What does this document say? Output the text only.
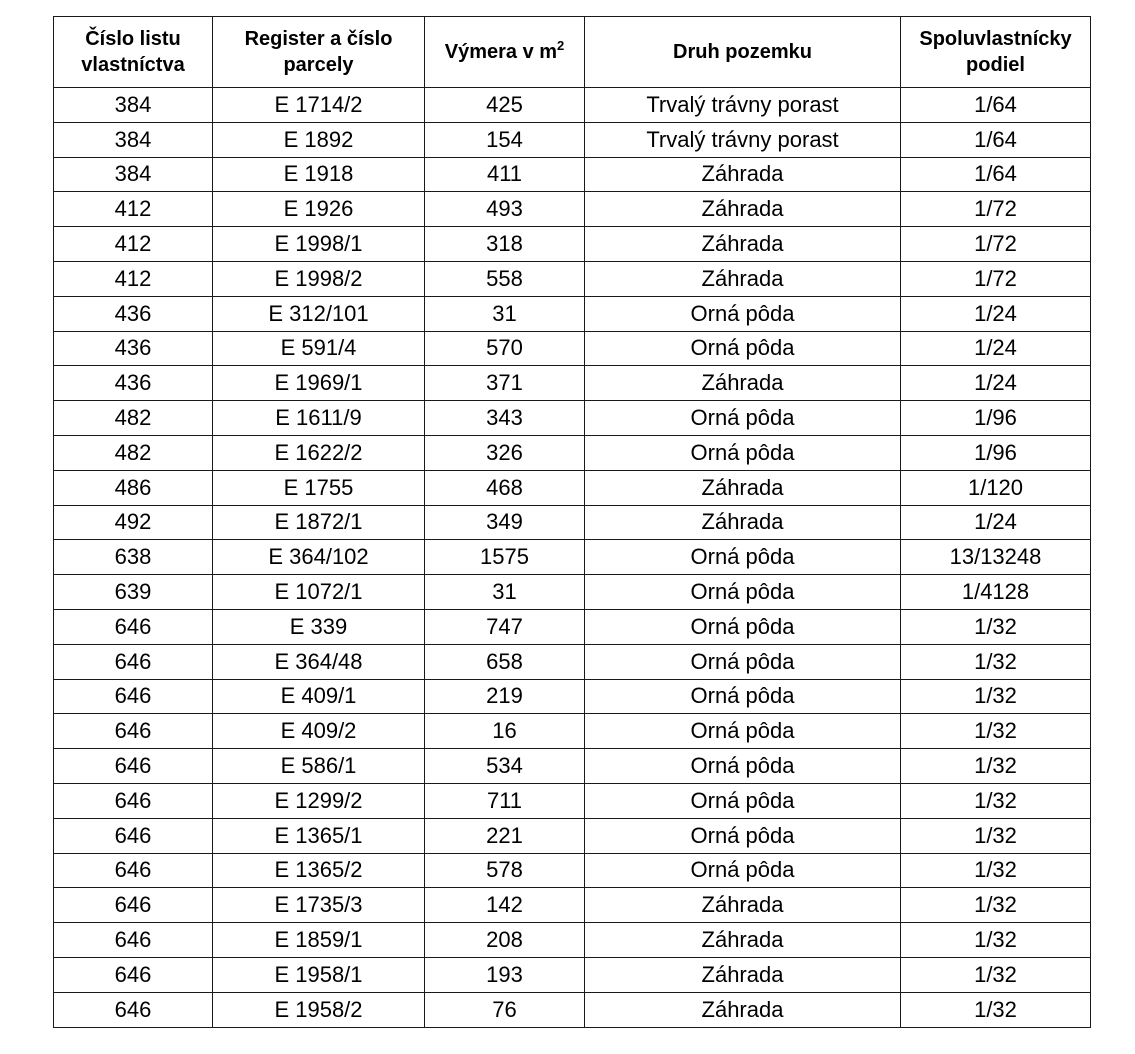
Číslo listu vlastníctva	Register a číslo parcely	Výmera v $m^2$	Druh pozemku	Spoluvlastnícky podiel
384	E 1714/2	425	Trvalý trávny porast	1/64
384	E 1892	154	Trvalý trávny porast	1/64
384	E 1918	411	Záhrada	1/64
412	E 1926	493	Záhrada	1/72
412	E 1998/1	318	Záhrada	1/72
412	E 1998/2	558	Záhrada	1/72
436	E 312/101	31	Orná pôda	1/24
436	E 591/4	570	Orná pôda	1/24
436	E 1969/1	371	Záhrada	1/24
482	E 1611/9	343	Orná pôda	1/96
482	E 1622/2	326	Orná pôda	1/96
486	E 1755	468	Záhrada	1/120
492	E 1872/1	349	Záhrada	1/24
638	E 364/102	1575	Orná pôda	13/13248
639	E 1072/1	31	Orná pôda	1/4128
646	E 339	747	Orná pôda	1/32
646	E 364/48	658	Orná pôda	1/32
646	E 409/1	219	Orná pôda	1/32
646	E 409/2	16	Orná pôda	1/32
646	E 586/1	534	Orná pôda	1/32
646	E 1299/2	711	Orná pôda	1/32
646	E 1365/1	221	Orná pôda	1/32
646	E 1365/2	578	Orná pôda	1/32
646	E 1735/3	142	Záhrada	1/32
646	E 1859/1	208	Záhrada	1/32
646	E 1958/1	193	Záhrada	1/32
646	E 1958/2	76	Záhrada	1/32
